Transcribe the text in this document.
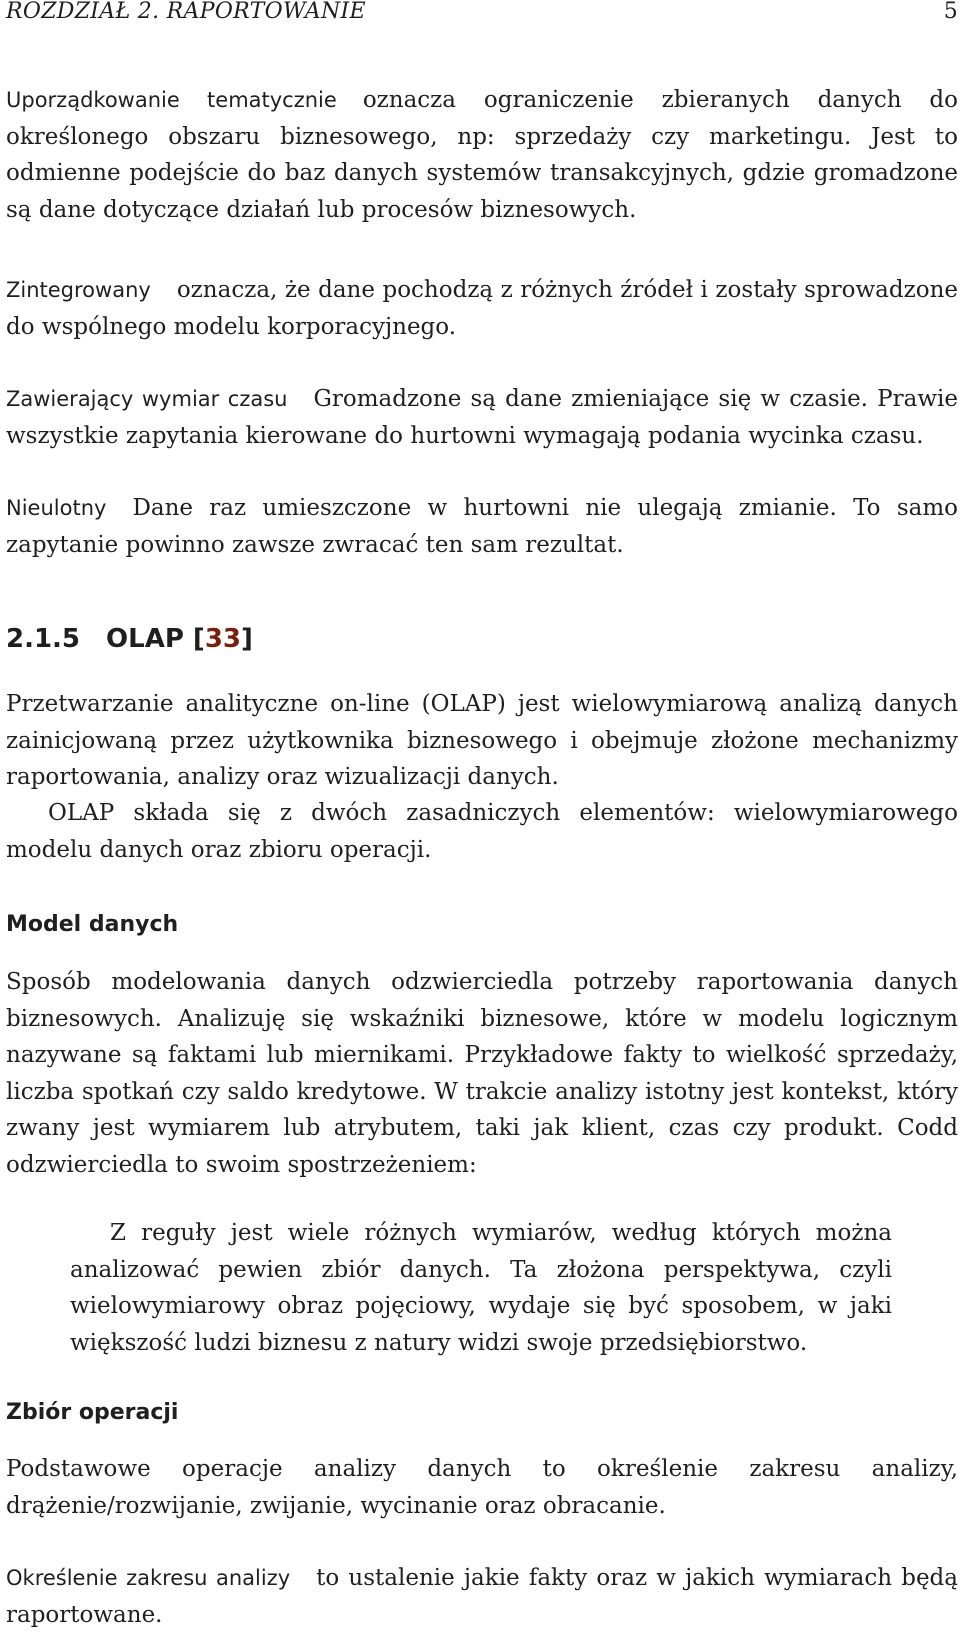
ROZDZIAŁ 2. RAPORTOWANIE	5

Uporządkowanie tematycznie oznacza ograniczenie zbieranych danych do określonego obszaru biznesowego, np: sprzedaży czy marketingu. Jest to odmienne podejście do baz danych systemów transakcyjnych, gdzie gromadzone są dane dotyczące działań lub procesów biznesowych.

Zintegrowany oznacza, że dane pochodzą z różnych źródeł i zostały sprowadzone do wspólnego modelu korporacyjnego.

Zawierający wymiar czasu Gromadzone są dane zmieniające się w czasie. Prawie wszystkie zapytania kierowane do hurtowni wymagają podania wycinka czasu.

Nieulotny Dane raz umieszczone w hurtowni nie ulegają zmianie. To samo zapytanie powinno zawsze zwracać ten sam rezultat.

2.1.5 OLAP [33]

Przetwarzanie analityczne on-line (OLAP) jest wielowymiarową analizą danych zainicjowaną przez użytkownika biznesowego i obejmuje złożone mechanizmy raportowania, analizy oraz wizualizacji danych.

OLAP składa się z dwóch zasadniczych elementów: wielowymiarowego modelu danych oraz zbioru operacji.

Model danych

Sposób modelowania danych odzwierciedla potrzeby raportowania danych biznesowych. Analizuję się wskaźniki biznesowe, które w modelu logicznym nazywane są faktami lub miernikami. Przykładowe fakty to wielkość sprzedaży, liczba spotkań czy saldo kredytowe. W trakcie analizy istotny jest kontekst, który zwany jest wymiarem lub atrybutem, taki jak klient, czas czy produkt. Codd odzwierciedla to swoim spostrzeżeniem:

Z reguły jest wiele różnych wymiarów, według których można analizować pewien zbiór danych. Ta złożona perspektywa, czyli wielowymiarowy obraz pojęciowy, wydaje się być sposobem, w jaki większość ludzi biznesu z natury widzi swoje przedsiębiorstwo.

Zbiór operacji

Podstawowe operacje analizy danych to określenie zakresu analizy, drążenie/rozwijanie, zwijanie, wycinanie oraz obracanie.

Określenie zakresu analizy to ustalenie jakie fakty oraz w jakich wymiarach będą raportowane.
